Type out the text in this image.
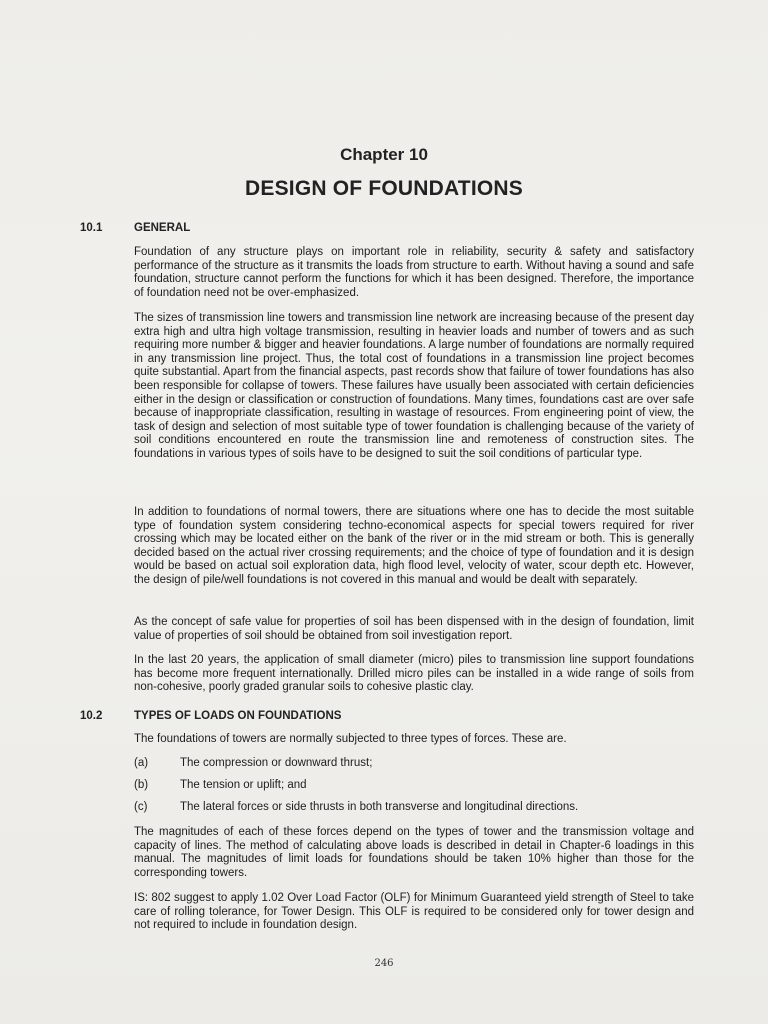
Chapter 10
DESIGN OF FOUNDATIONS
10.1	GENERAL
Foundation of any structure plays on important role in reliability, security & safety and satisfactory performance of the structure as it transmits the loads from structure to earth. Without having a sound and safe foundation, structure cannot perform the functions for which it has been designed. Therefore, the importance of foundation need not be over-emphasized.
The sizes of transmission line towers and transmission line network are increasing because of the present day extra high and ultra high voltage transmission, resulting in heavier loads and number of towers and as such requiring more number & bigger and heavier foundations. A large number of foundations are normally required in any transmission line project. Thus, the total cost of foundations in a transmission line project becomes quite substantial. Apart from the financial aspects, past records show that failure of tower foundations has also been responsible for collapse of towers. These failures have usually been associated with certain deficiencies either in the design or classification or construction of foundations. Many times, foundations cast are over safe because of inappropriate classification, resulting in wastage of resources. From engineering point of view, the task of design and selection of most suitable type of tower foundation is challenging because of the variety of soil conditions encountered en route the transmission line and remoteness of construction sites. The foundations in various types of soils have to be designed to suit the soil conditions of particular type.
In addition to foundations of normal towers, there are situations where one has to decide the most suitable type of foundation system considering techno-economical aspects for special towers required for river crossing which may be located either on the bank of the river or in the mid stream or both. This is generally decided based on the actual river crossing requirements; and the choice of type of foundation and it is design would be based on actual soil exploration data, high flood level, velocity of water, scour depth etc. However, the design of pile/well foundations is not covered in this manual and would be dealt with separately.
As the concept of safe value for properties of soil has been dispensed with in the design of foundation, limit value of properties of soil should be obtained from soil investigation report.
In the last 20 years, the application of small diameter (micro) piles to transmission line support foundations has become more frequent internationally. Drilled micro piles can be installed in a wide range of soils from non-cohesive, poorly graded granular soils to cohesive plastic clay.
10.2	TYPES OF LOADS ON FOUNDATIONS
The foundations of towers are normally subjected to three types of forces. These are.
(a)	The compression or downward thrust;
(b)	The tension or uplift; and
(c)	The lateral forces or side thrusts in both transverse and longitudinal directions.
The magnitudes of each of these forces depend on the types of tower and the transmission voltage and capacity of lines. The method of calculating above loads is described in detail in Chapter-6 loadings in this manual. The magnitudes of limit loads for foundations should be taken 10% higher than those for the corresponding towers.
IS: 802 suggest to apply 1.02 Over Load Factor (OLF) for Minimum Guaranteed yield strength of Steel to take care of rolling tolerance, for Tower Design. This OLF is required to be considered only for tower design and not required to include in foundation design.
246
